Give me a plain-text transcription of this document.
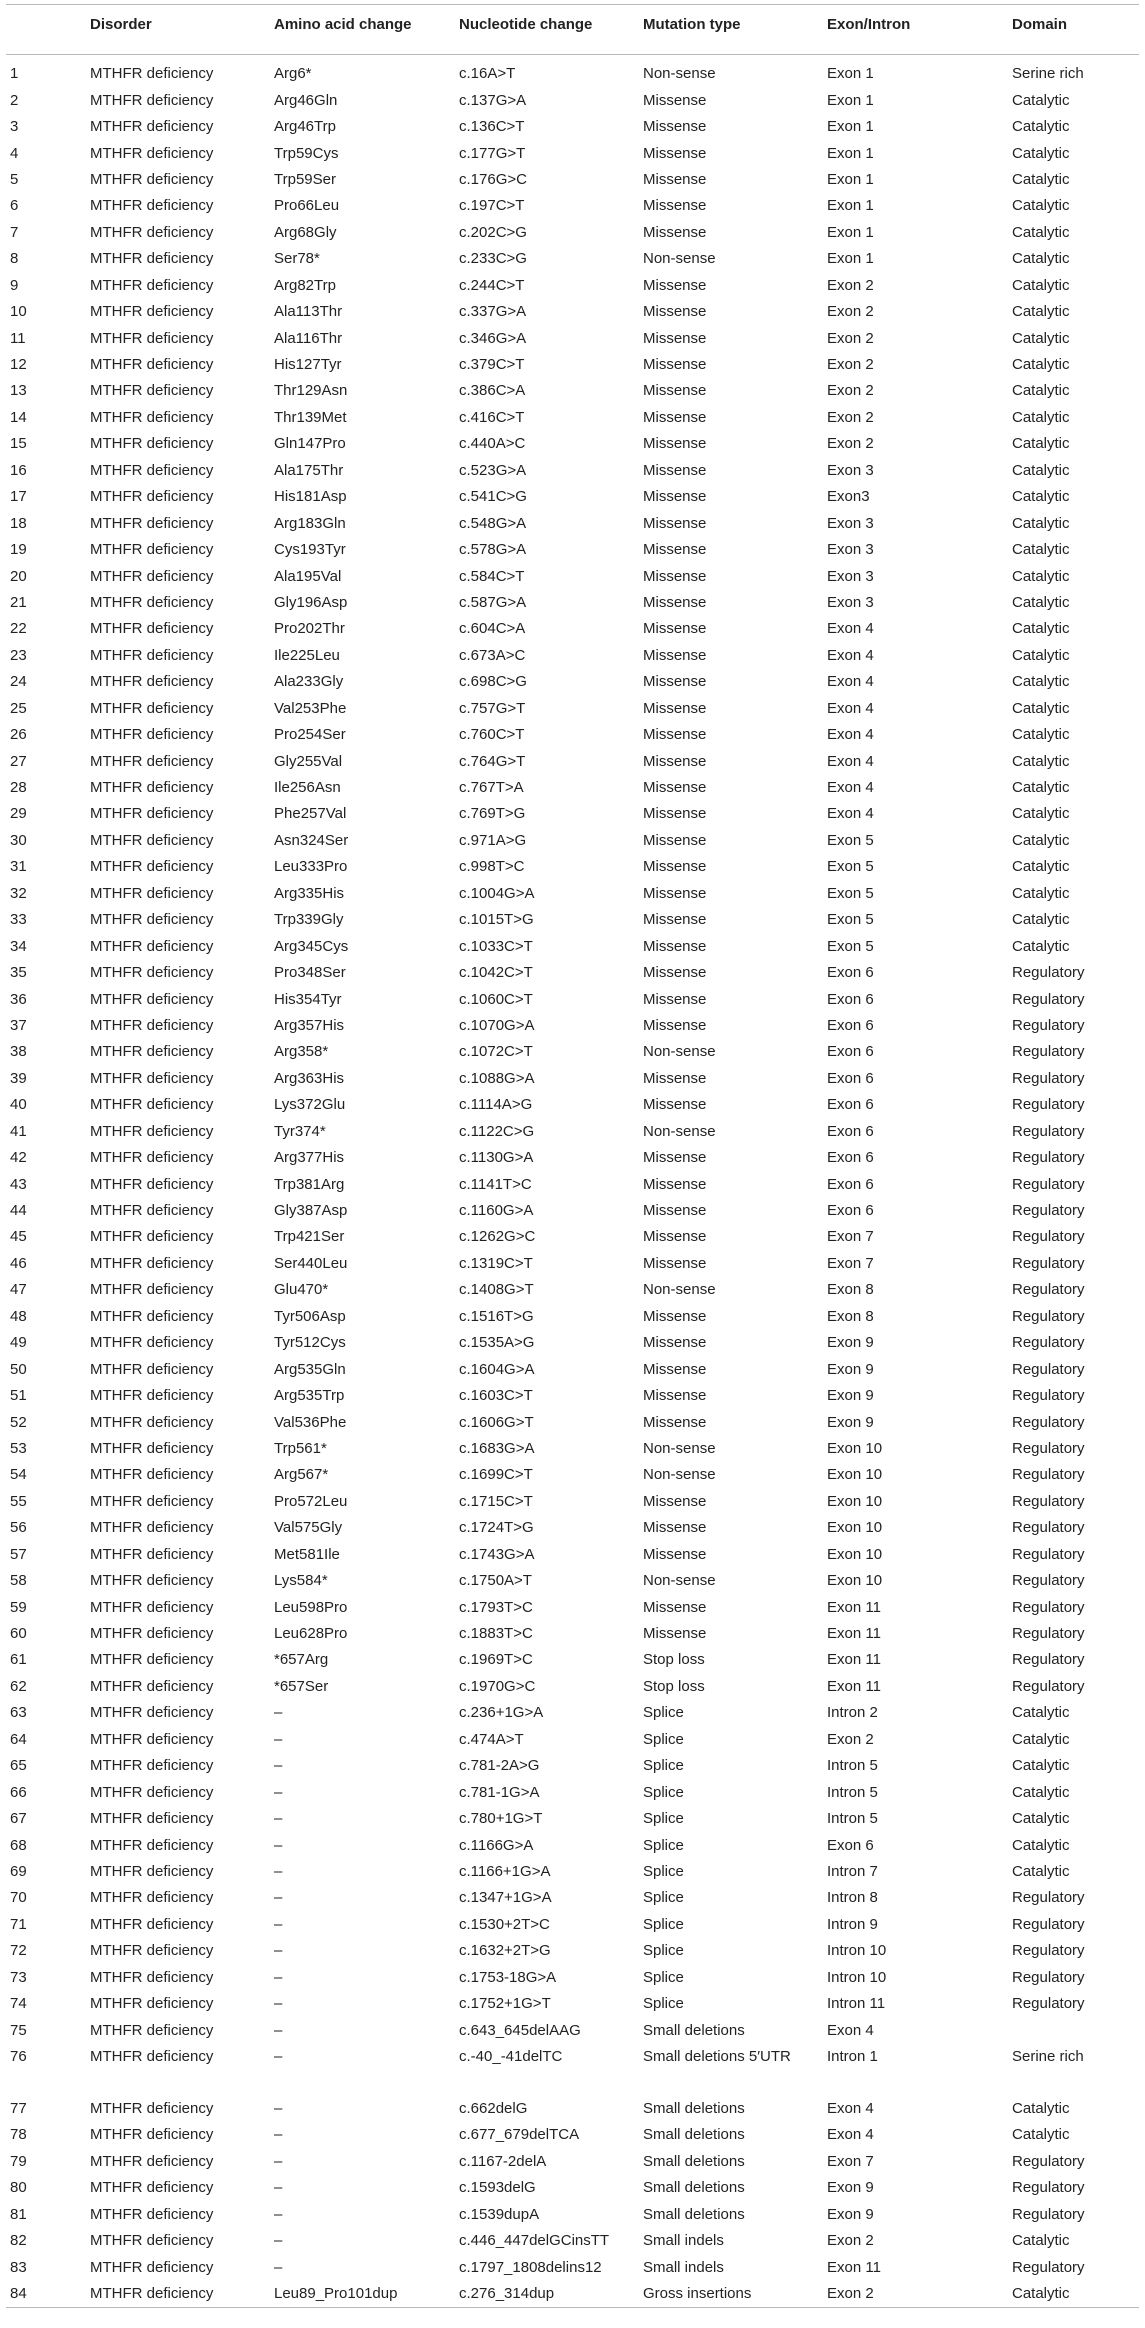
	Disorder	Amino acid change	Nucleotide change	Mutation type	Exon/Intron	Domain
1	MTHFR deficiency	Arg6*	c.16A>T	Non-sense	Exon 1	Serine rich
2	MTHFR deficiency	Arg46Gln	c.137G>A	Missense	Exon 1	Catalytic
3	MTHFR deficiency	Arg46Trp	c.136C>T	Missense	Exon 1	Catalytic
4	MTHFR deficiency	Trp59Cys	c.177G>T	Missense	Exon 1	Catalytic
5	MTHFR deficiency	Trp59Ser	c.176G>C	Missense	Exon 1	Catalytic
6	MTHFR deficiency	Pro66Leu	c.197C>T	Missense	Exon 1	Catalytic
7	MTHFR deficiency	Arg68Gly	c.202C>G	Missense	Exon 1	Catalytic
8	MTHFR deficiency	Ser78*	c.233C>G	Non-sense	Exon 1	Catalytic
9	MTHFR deficiency	Arg82Trp	c.244C>T	Missense	Exon 2	Catalytic
10	MTHFR deficiency	Ala113Thr	c.337G>A	Missense	Exon 2	Catalytic
11	MTHFR deficiency	Ala116Thr	c.346G>A	Missense	Exon 2	Catalytic
12	MTHFR deficiency	His127Tyr	c.379C>T	Missense	Exon 2	Catalytic
13	MTHFR deficiency	Thr129Asn	c.386C>A	Missense	Exon 2	Catalytic
14	MTHFR deficiency	Thr139Met	c.416C>T	Missense	Exon 2	Catalytic
15	MTHFR deficiency	Gln147Pro	c.440A>C	Missense	Exon 2	Catalytic
16	MTHFR deficiency	Ala175Thr	c.523G>A	Missense	Exon 3	Catalytic
17	MTHFR deficiency	His181Asp	c.541C>G	Missense	Exon3	Catalytic
18	MTHFR deficiency	Arg183Gln	c.548G>A	Missense	Exon 3	Catalytic
19	MTHFR deficiency	Cys193Tyr	c.578G>A	Missense	Exon 3	Catalytic
20	MTHFR deficiency	Ala195Val	c.584C>T	Missense	Exon 3	Catalytic
21	MTHFR deficiency	Gly196Asp	c.587G>A	Missense	Exon 3	Catalytic
22	MTHFR deficiency	Pro202Thr	c.604C>A	Missense	Exon 4	Catalytic
23	MTHFR deficiency	Ile225Leu	c.673A>C	Missense	Exon 4	Catalytic
24	MTHFR deficiency	Ala233Gly	c.698C>G	Missense	Exon 4	Catalytic
25	MTHFR deficiency	Val253Phe	c.757G>T	Missense	Exon 4	Catalytic
26	MTHFR deficiency	Pro254Ser	c.760C>T	Missense	Exon 4	Catalytic
27	MTHFR deficiency	Gly255Val	c.764G>T	Missense	Exon 4	Catalytic
28	MTHFR deficiency	Ile256Asn	c.767T>A	Missense	Exon 4	Catalytic
29	MTHFR deficiency	Phe257Val	c.769T>G	Missense	Exon 4	Catalytic
30	MTHFR deficiency	Asn324Ser	c.971A>G	Missense	Exon 5	Catalytic
31	MTHFR deficiency	Leu333Pro	c.998T>C	Missense	Exon 5	Catalytic
32	MTHFR deficiency	Arg335His	c.1004G>A	Missense	Exon 5	Catalytic
33	MTHFR deficiency	Trp339Gly	c.1015T>G	Missense	Exon 5	Catalytic
34	MTHFR deficiency	Arg345Cys	c.1033C>T	Missense	Exon 5	Catalytic
35	MTHFR deficiency	Pro348Ser	c.1042C>T	Missense	Exon 6	Regulatory
36	MTHFR deficiency	His354Tyr	c.1060C>T	Missense	Exon 6	Regulatory
37	MTHFR deficiency	Arg357His	c.1070G>A	Missense	Exon 6	Regulatory
38	MTHFR deficiency	Arg358*	c.1072C>T	Non-sense	Exon 6	Regulatory
39	MTHFR deficiency	Arg363His	c.1088G>A	Missense	Exon 6	Regulatory
40	MTHFR deficiency	Lys372Glu	c.1114A>G	Missense	Exon 6	Regulatory
41	MTHFR deficiency	Tyr374*	c.1122C>G	Non-sense	Exon 6	Regulatory
42	MTHFR deficiency	Arg377His	c.1130G>A	Missense	Exon 6	Regulatory
43	MTHFR deficiency	Trp381Arg	c.1141T>C	Missense	Exon 6	Regulatory
44	MTHFR deficiency	Gly387Asp	c.1160G>A	Missense	Exon 6	Regulatory
45	MTHFR deficiency	Trp421Ser	c.1262G>C	Missense	Exon 7	Regulatory
46	MTHFR deficiency	Ser440Leu	c.1319C>T	Missense	Exon 7	Regulatory
47	MTHFR deficiency	Glu470*	c.1408G>T	Non-sense	Exon 8	Regulatory
48	MTHFR deficiency	Tyr506Asp	c.1516T>G	Missense	Exon 8	Regulatory
49	MTHFR deficiency	Tyr512Cys	c.1535A>G	Missense	Exon 9	Regulatory
50	MTHFR deficiency	Arg535Gln	c.1604G>A	Missense	Exon 9	Regulatory
51	MTHFR deficiency	Arg535Trp	c.1603C>T	Missense	Exon 9	Regulatory
52	MTHFR deficiency	Val536Phe	c.1606G>T	Missense	Exon 9	Regulatory
53	MTHFR deficiency	Trp561*	c.1683G>A	Non-sense	Exon 10	Regulatory
54	MTHFR deficiency	Arg567*	c.1699C>T	Non-sense	Exon 10	Regulatory
55	MTHFR deficiency	Pro572Leu	c.1715C>T	Missense	Exon 10	Regulatory
56	MTHFR deficiency	Val575Gly	c.1724T>G	Missense	Exon 10	Regulatory
57	MTHFR deficiency	Met581Ile	c.1743G>A	Missense	Exon 10	Regulatory
58	MTHFR deficiency	Lys584*	c.1750A>T	Non-sense	Exon 10	Regulatory
59	MTHFR deficiency	Leu598Pro	c.1793T>C	Missense	Exon 11	Regulatory
60	MTHFR deficiency	Leu628Pro	c.1883T>C	Missense	Exon 11	Regulatory
61	MTHFR deficiency	*657Arg	c.1969T>C	Stop loss	Exon 11	Regulatory
62	MTHFR deficiency	*657Ser	c.1970G>C	Stop loss	Exon 11	Regulatory
63	MTHFR deficiency	–	c.236+1G>A	Splice	Intron 2	Catalytic
64	MTHFR deficiency	–	c.474A>T	Splice	Exon 2	Catalytic
65	MTHFR deficiency	–	c.781-2A>G	Splice	Intron 5	Catalytic
66	MTHFR deficiency	–	c.781-1G>A	Splice	Intron 5	Catalytic
67	MTHFR deficiency	–	c.780+1G>T	Splice	Intron 5	Catalytic
68	MTHFR deficiency	–	c.1166G>A	Splice	Exon 6	Catalytic
69	MTHFR deficiency	–	c.1166+1G>A	Splice	Intron 7	Catalytic
70	MTHFR deficiency	–	c.1347+1G>A	Splice	Intron 8	Regulatory
71	MTHFR deficiency	–	c.1530+2T>C	Splice	Intron 9	Regulatory
72	MTHFR deficiency	–	c.1632+2T>G	Splice	Intron 10	Regulatory
73	MTHFR deficiency	–	c.1753-18G>A	Splice	Intron 10	Regulatory
74	MTHFR deficiency	–	c.1752+1G>T	Splice	Intron 11	Regulatory
75	MTHFR deficiency	–	c.643_645delAAG	Small deletions	Exon 4	
76	MTHFR deficiency	–	c.-40_-41delTC	Small deletions 5′UTR	Intron 1	Serine rich
77	MTHFR deficiency	–	c.662delG	Small deletions	Exon 4	Catalytic
78	MTHFR deficiency	–	c.677_679delTCA	Small deletions	Exon 4	Catalytic
79	MTHFR deficiency	–	c.1167-2delA	Small deletions	Exon 7	Regulatory
80	MTHFR deficiency	–	c.1593delG	Small deletions	Exon 9	Regulatory
81	MTHFR deficiency	–	c.1539dupA	Small deletions	Exon 9	Regulatory
82	MTHFR deficiency	–	c.446_447delGCinsTT	Small indels	Exon 2	Catalytic
83	MTHFR deficiency	–	c.1797_1808delins12	Small indels	Exon 11	Regulatory
84	MTHFR deficiency	Leu89_Pro101dup	c.276_314dup	Gross insertions	Exon 2	Catalytic
